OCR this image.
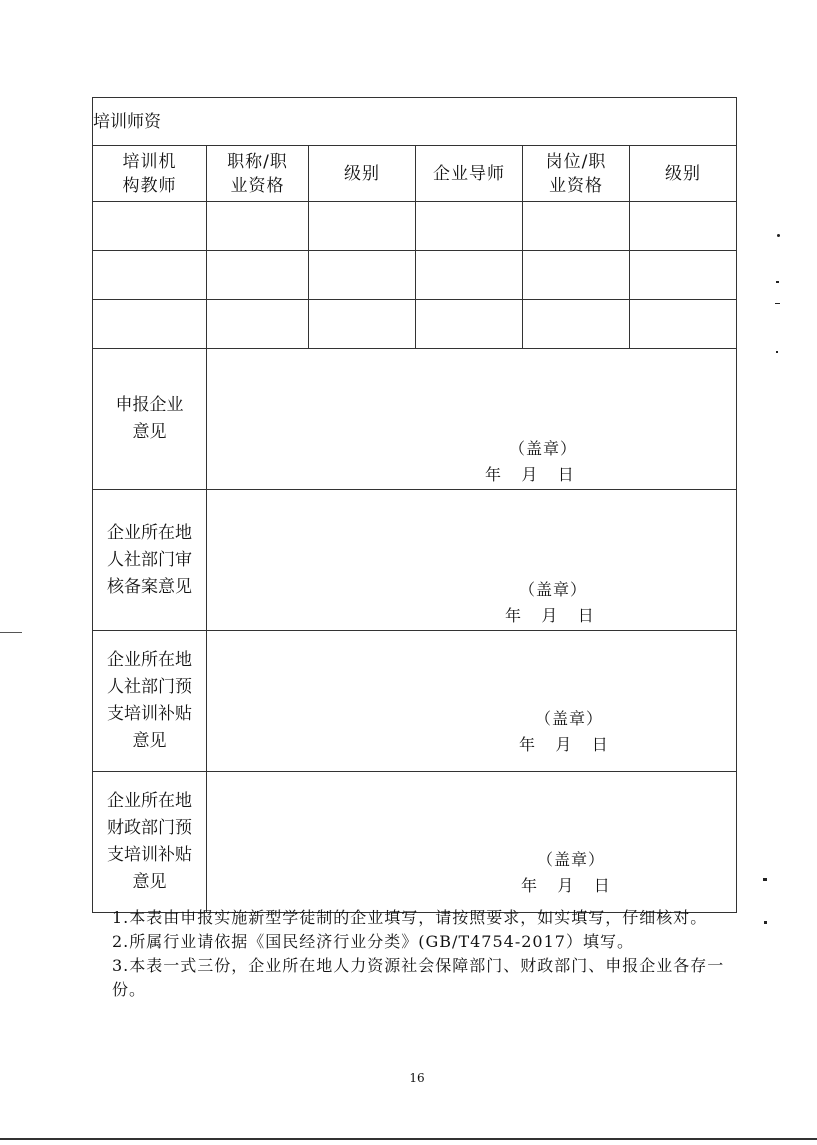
培训师资					
培训机构教师	职称/职业资格	级别	企业导师	岗位/职业资格	级别

申报企业意见	（盖章）
年    月    日				

企业所在地人社部门审核备案意见	（盖章）
年    月    日				

企业所在地人社部门预支培训补贴意见	（盖章）
年    月    日				

企业所在地财政部门预支培训补贴意见	（盖章）
年    月    日				

1.本表由申报实施新型学徒制的企业填写，请按照要求，如实填写，仔细核对。

2.所属行业请依据《国民经济行业分类》(GB/T4754-2017）填写。

3.本表一式三份，企业所在地人力资源社会保障部门、财政部门、申报企业各存一份。

16
